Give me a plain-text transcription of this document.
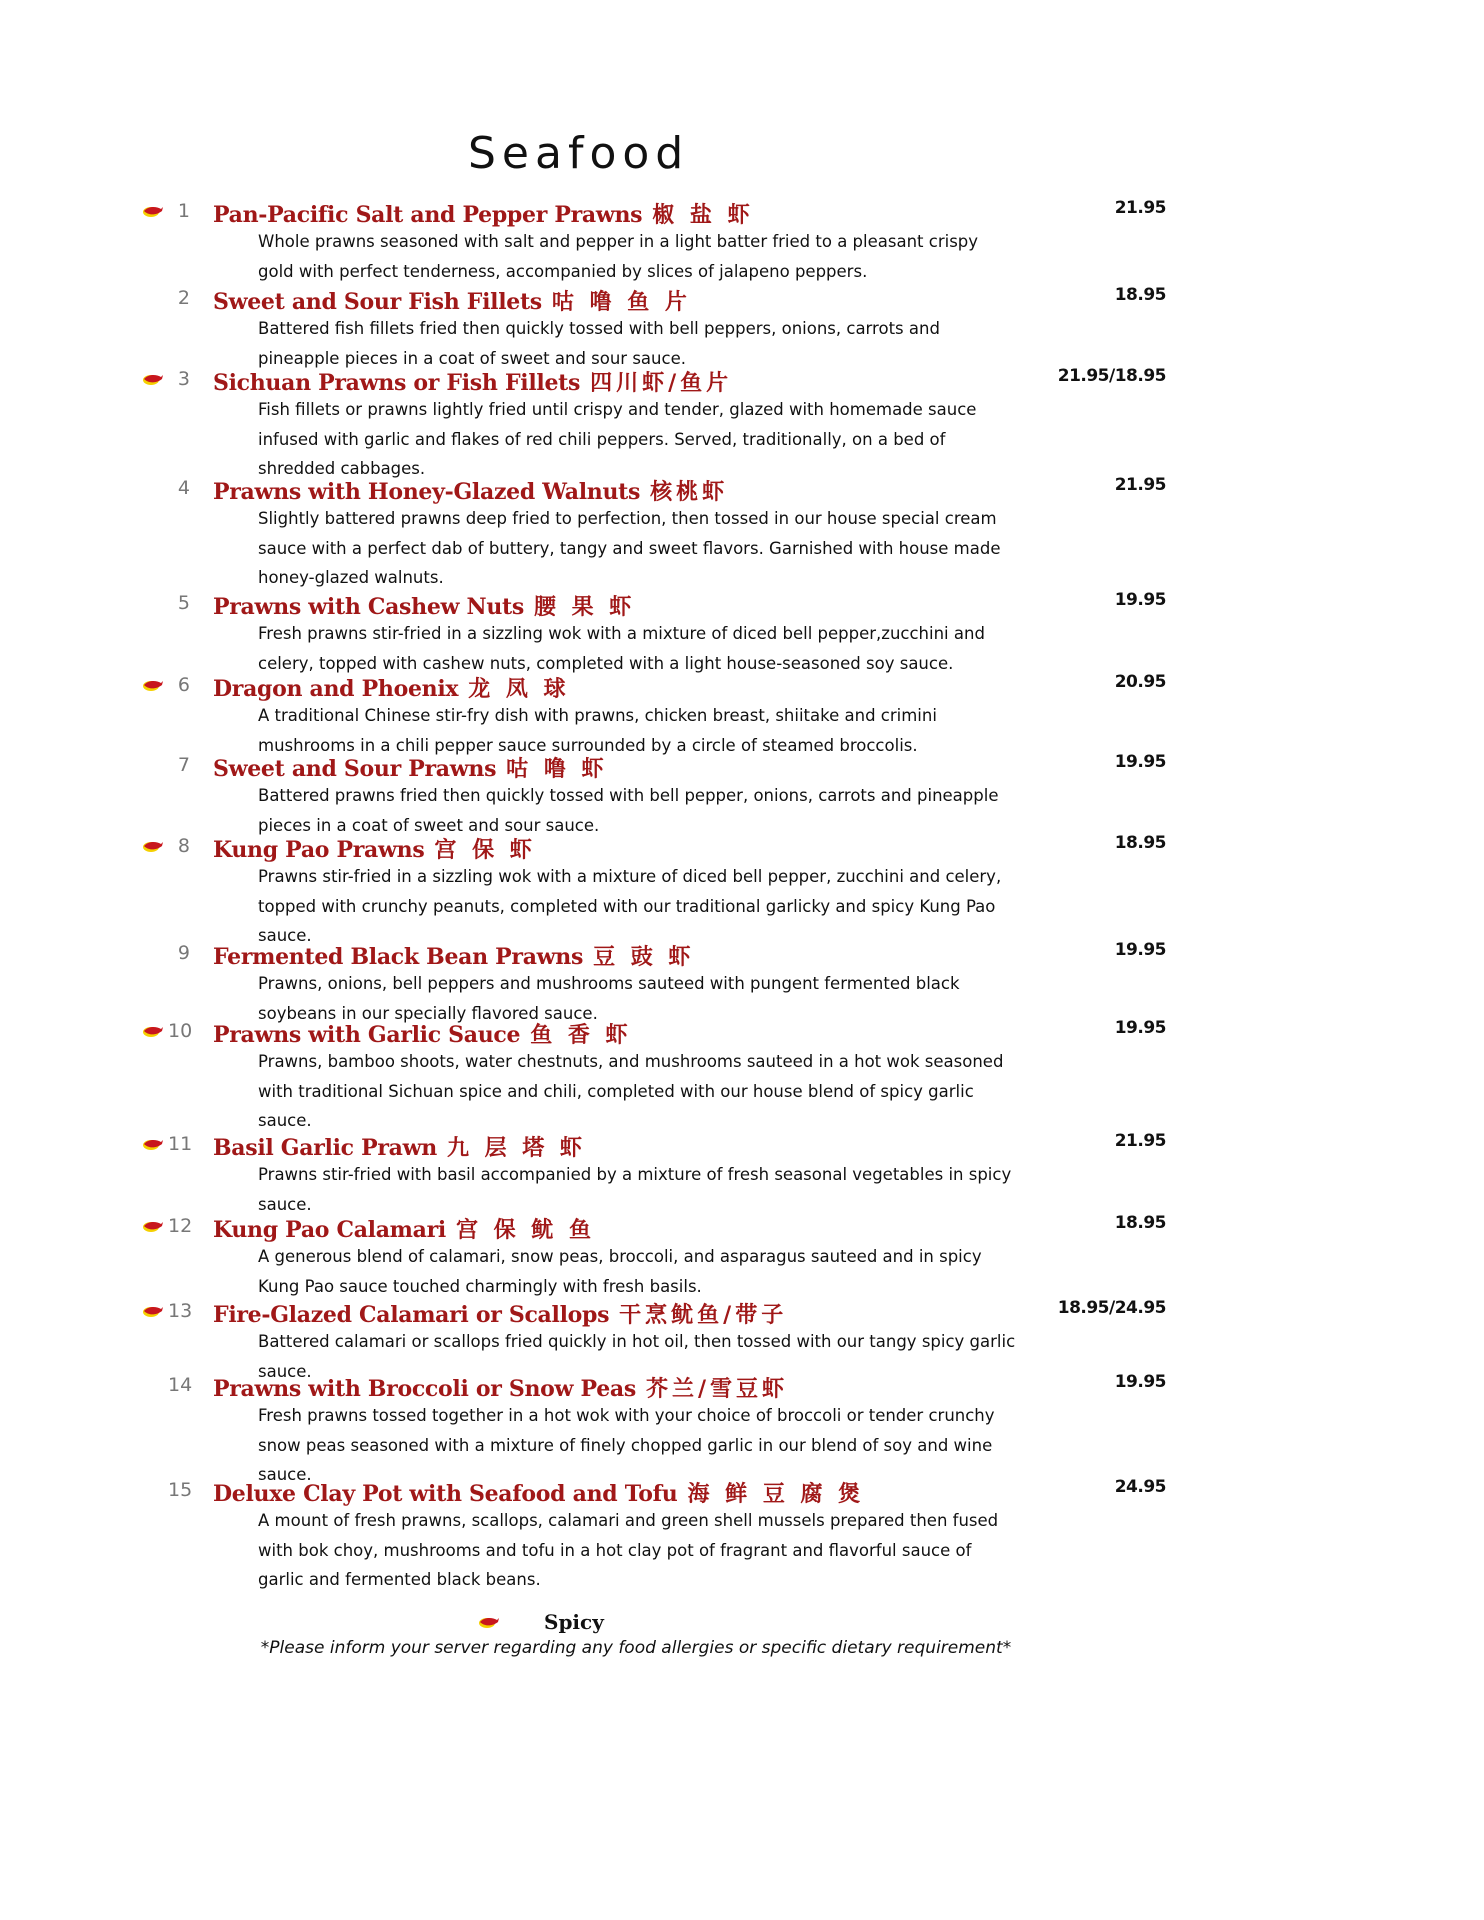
Seafood
1 Pan-Pacific Salt and Pepper Prawns 椒 盐 虾	21.95
Whole prawns seasoned with salt and pepper in a light batter fried to a pleasant crispy gold with perfect tenderness, accompanied by slices of jalapeno peppers.
2 Sweet and Sour Fish Fillets 咕 噜 鱼 片	18.95
Battered fish fillets fried then quickly tossed with bell peppers, onions, carrots and pineapple pieces in a coat of sweet and sour sauce.
3 Sichuan Prawns or Fish Fillets 四川虾/鱼片	21.95/18.95
Fish fillets or prawns lightly fried until crispy and tender, glazed with homemade sauce infused with garlic and flakes of red chili peppers. Served, traditionally, on a bed of shredded cabbages.
4 Prawns with Honey-Glazed Walnuts 核桃虾	21.95
Slightly battered prawns deep fried to perfection, then tossed in our house special cream sauce with a perfect dab of buttery, tangy and sweet flavors. Garnished with house made honey-glazed walnuts.
5 Prawns with Cashew Nuts 腰 果 虾	19.95
Fresh prawns stir-fried in a sizzling wok with a mixture of diced bell pepper,zucchini and celery, topped with cashew nuts, completed with a light house-seasoned soy sauce.
6 Dragon and Phoenix 龙 凤 球	20.95
A traditional Chinese stir-fry dish with prawns, chicken breast, shiitake and crimini mushrooms in a chili pepper sauce surrounded by a circle of steamed broccolis.
7 Sweet and Sour Prawns 咕 噜 虾	19.95
Battered prawns fried then quickly tossed with bell pepper, onions, carrots and pineapple pieces in a coat of sweet and sour sauce.
8 Kung Pao Prawns 宫 保 虾	18.95
Prawns stir-fried in a sizzling wok with a mixture of diced bell pepper, zucchini and celery, topped with crunchy peanuts, completed with our traditional garlicky and spicy Kung Pao sauce.
9 Fermented Black Bean Prawns 豆 豉 虾	19.95
Prawns, onions, bell peppers and mushrooms sauteed with pungent fermented black soybeans in our specially flavored sauce.
10 Prawns with Garlic Sauce 鱼 香 虾	19.95
Prawns, bamboo shoots, water chestnuts, and mushrooms sauteed in a hot wok seasoned with traditional Sichuan spice and chili, completed with our house blend of spicy garlic sauce.
11 Basil Garlic Prawn 九 层 塔 虾	21.95
Prawns stir-fried with basil accompanied by a mixture of fresh seasonal vegetables in spicy sauce.
12 Kung Pao Calamari 宫 保 鱿 鱼	18.95
A generous blend of calamari, snow peas, broccoli, and asparagus sauteed and in spicy Kung Pao sauce touched charmingly with fresh basils.
13 Fire-Glazed Calamari or Scallops 干烹鱿鱼/带子	18.95/24.95
Battered calamari or scallops fried quickly in hot oil, then tossed with our tangy spicy garlic sauce.
14 Prawns with Broccoli or Snow Peas 芥兰/雪豆虾	19.95
Fresh prawns tossed together in a hot wok with your choice of broccoli or tender crunchy snow peas seasoned with a mixture of finely chopped garlic in our blend of soy and wine sauce.
15 Deluxe Clay Pot with Seafood and Tofu 海 鲜 豆 腐 煲	24.95
A mount of fresh prawns, scallops, calamari and green shell mussels prepared then fused with bok choy, mushrooms and tofu in a hot clay pot of fragrant and flavorful sauce of garlic and fermented black beans.
Spicy
*Please inform your server regarding any food allergies or specific dietary requirement*
